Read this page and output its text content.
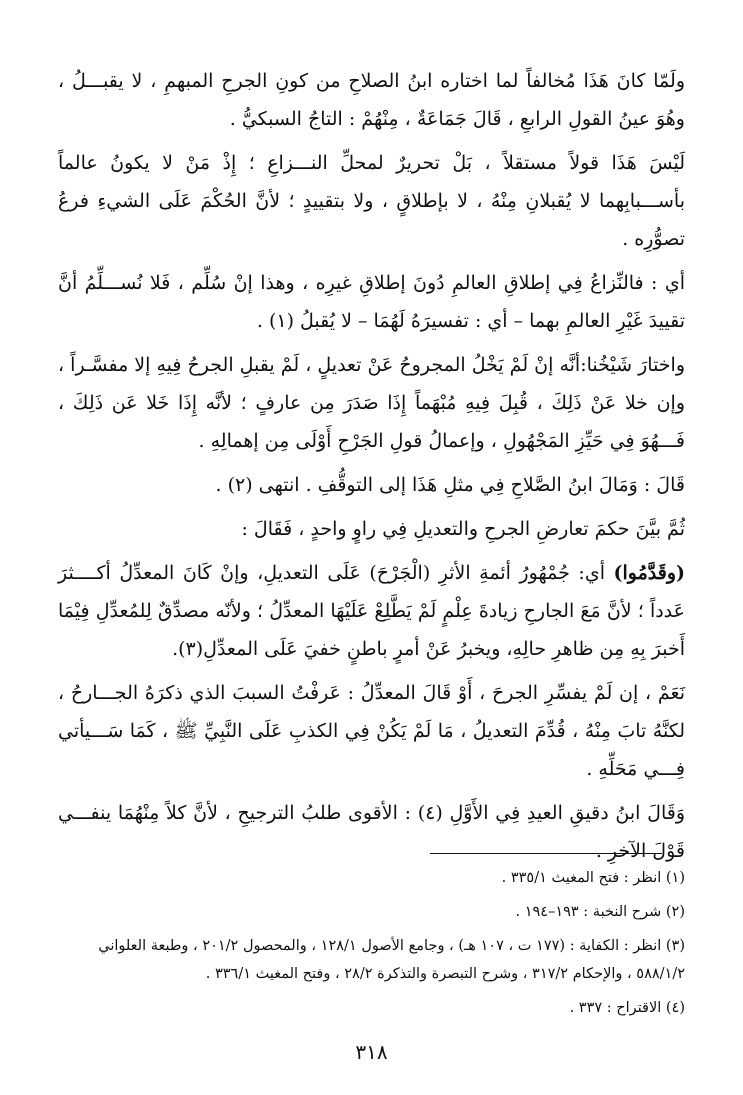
ولَمّا كانَ هَذَا مُخالفاً لما اختاره ابنُ الصلاحِ من كونِ الجرحِ المبهمِ ، لا يقبـــلُ ، وهُوَ عينُ القولِ الرابعِ ، قَالَ جَمَاعَةٌ ، مِنْهُمْ : التاجُ السبكيُّ .

لَيْسَ هَذَا قولاً مستقلاً ، بَلْ تحريرٌ لمحلِّ النـــزاعِ ؛ إِذْ مَنْ لا يكونُ عالماً بأســـبابِهما لا يُقبلانِ مِنْهُ ، لا بإطلاقٍ ، ولا بتقييدٍ ؛ لأنَّ الحُكْمَ عَلَى الشيءِ فرعُ تصوُّرِه .

أي : فالنِّزاعُ فِي إطلاقِ العالمِ دُونَ إطلاقِ غيرِه ، وهذا إنْ سُلِّم ، فَلا نُســـلِّمُ أنَّ تقييدَ غَيْرِ العالمِ بهما – أي : تفسيرَهُ لَهُمَا – لا يُقبلُ (١) .

واختارَ شَيْخُنا:أنَّه إنْ لَمْ يَخْلُ المجروحُ عَنْ تعديلٍ ، لَمْ يقبلِ الجرحُ فِيهِ إلا مفسَّـراً ، وإن خلا عَنْ ذَلِكَ ، قُبِلَ فِيهِ مُبْهَماً إِذَا صَدَرَ مِن عارفٍ ؛ لأنَّه إِذَا خَلا عَن ذَلِكَ ، فَـــهُوَ فِي حَيِّزِ المَجْهُولِ ، وإعمالُ قولِ الجَرْحِ أَوْلَى مِن إهمالِهِ .

قَالَ : وَمَالَ ابنُ الصَّلاحِ فِي مثلِ هَذَا إلى التوقُّفِ . انتهى (٢) .

ثُمَّ بيَّنَ حكمَ تعارضِ الجرحِ والتعديلِ فِي راوٍ واحدٍ ، فَقَالَ :

(وقَدَّمُوا) أي: جُمْهُورُ أئمةِ الأثرِ (الْجَرْحَ) عَلَى التعديلِ، وإنْ كَانَ المعدِّلُ أكــــثرَ عَدداً ؛ لأنَّ مَعَ الجارحِ زيادةَ عِلْمٍ لَمْ يَطَّلِعْ عَلَيْهَا المعدِّلُ ؛ ولأنّه مصدِّقٌ لِلمُعدِّلِ فِيْمَا أَخبرَ بِهِ مِن ظاهرِ حالِهِ، ويخبرُ عَنْ أمرٍ باطنٍ خفيَ عَلَى المعدِّلِ(٣).

نَعَمْ ، إن لَمْ يفسِّرِ الجرحَ ، أَوْ قَالَ المعدِّلُ : عَرفْتُ السببَ الذي ذكرَهُ الجـــارحُ ، لكنَّهُ تابَ مِنْهُ ، قُدِّمَ التعديلُ ، مَا لَمْ يَكُنْ فِي الكذبِ عَلَى النَّبِيِّ ﷺ ، كَمَا سَـــيأتي فِـــي مَحَلِّهِ .

وَقَالَ ابنُ دقيقِ العيدِ فِي الأَوَّلِ (٤) : الأقوى طلبُ الترجيحِ ، لأنَّ كلاً مِنْهُمَا ينفـــي قَوْلَ الآخرِ .

(١) انظر : فتح المغيث ٣٣٥/١ .

(٢) شرح النخبة : ١٩٣–١٩٤ .

(٣) انظر : الكفاية : (١٧٧ ت ، ١٠٧ هـ) ، وجامع الأصول ١٢٨/١ ، والمحصول ٢٠١/٢ ، وطبعة العلواني ٥٨٨/١/٢ ، والإحكام ٣١٧/٢ ، وشرح التبصرة والتذكرة ٢٨/٢ ، وفتح المغيث ٣٣٦/١ .

(٤) الاقتراح : ٣٣٧ .

٣١٨
